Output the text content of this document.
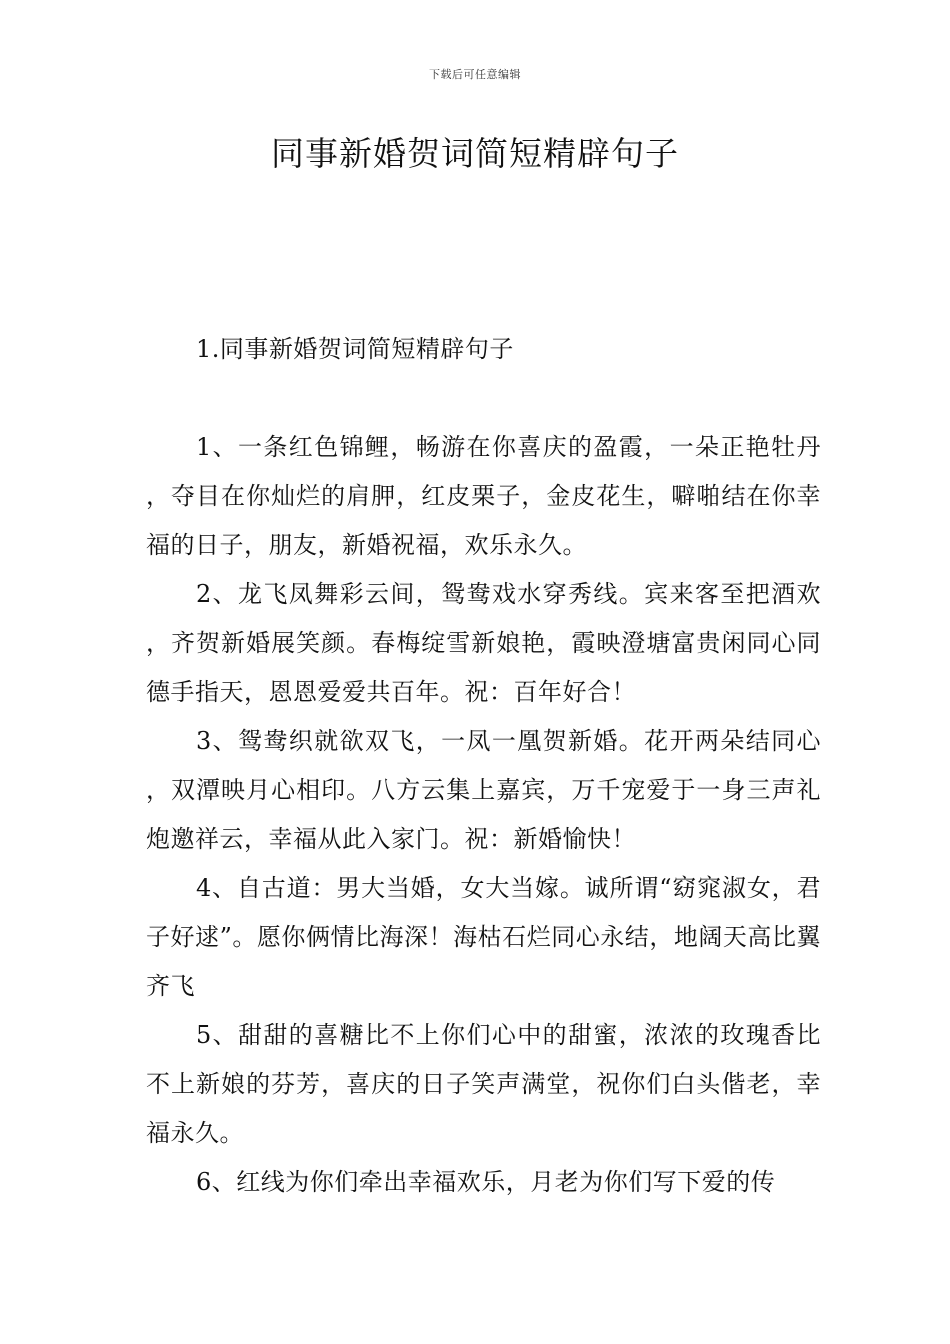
下载后可任意编辑
同事新婚贺词简短精辟句子

1.同事新婚贺词简短精辟句子

1、一条红色锦鲤，畅游在你喜庆的盈霞，一朵正艳牡丹，夺目在你灿烂的肩胛，红皮栗子，金皮花生，噼啪结在你幸福的日子，朋友，新婚祝福，欢乐永久。

2、龙飞凤舞彩云间，鸳鸯戏水穿秀线。宾来客至把酒欢，齐贺新婚展笑颜。春梅绽雪新娘艳，霞映澄塘富贵闲同心同德手指天，恩恩爱爱共百年。祝：百年好合！

3、鸳鸯织就欲双飞，一凤一凰贺新婚。花开两朵结同心，双潭映月心相印。八方云集上嘉宾，万千宠爱于一身三声礼炮邀祥云，幸福从此入家门。祝：新婚愉快！

4、自古道：男大当婚，女大当嫁。诚所谓“窈窕淑女，君子好逑”。愿你俩情比海深！海枯石烂同心永结，地阔天高比翼齐飞

5、甜甜的喜糖比不上你们心中的甜蜜，浓浓的玫瑰香比不上新娘的芬芳，喜庆的日子笑声满堂，祝你们白头偕老，幸福永久。

6、红线为你们牵出幸福欢乐，月老为你们写下爱的传
